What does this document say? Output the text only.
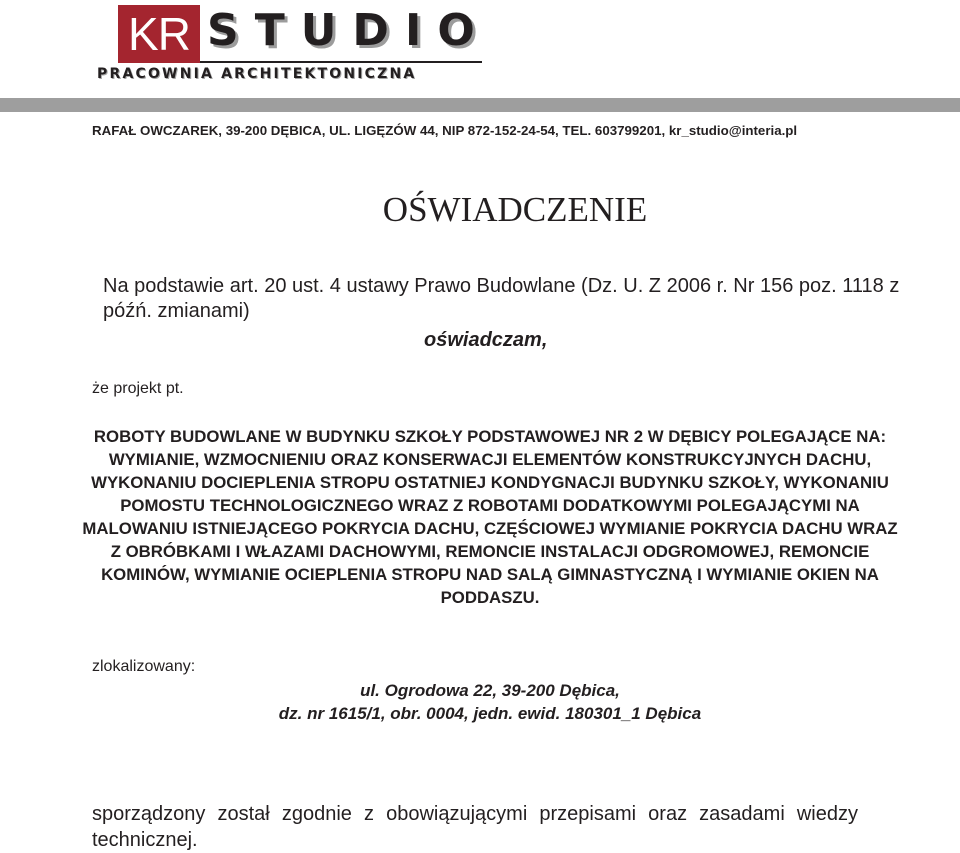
KR STUDIO
PRACOWNIA ARCHITEKTONICZNA
RAFAŁ OWCZAREK, 39-200 DĘBICA, UL. LIGĘZÓW 44, NIP 872-152-24-54, TEL. 603799201, kr_studio@interia.pl
OŚWIADCZENIE
Na podstawie art. 20 ust. 4 ustawy Prawo Budowlane (Dz. U. Z 2006 r. Nr 156 poz. 1118 z późń. zmianami)
oświadczam,
że projekt pt.
ROBOTY BUDOWLANE W BUDYNKU SZKOŁY PODSTAWOWEJ NR 2 W DĘBICY POLEGAJĄCE NA: WYMIANIE, WZMOCNIENIU ORAZ KONSERWACJI ELEMENTÓW KONSTRUKCYJNYCH DACHU, WYKONANIU DOCIEPLENIA STROPU OSTATNIEJ KONDYGNACJI BUDYNKU SZKOŁY, WYKONANIU POMOSTU TECHNOLOGICZNEGO WRAZ Z ROBOTAMI DODATKOWYMI POLEGAJĄCYMI NA MALOWANIU ISTNIEJĄCEGO POKRYCIA DACHU, CZĘŚCIOWEJ WYMIANIE POKRYCIA DACHU WRAZ Z OBRÓBKAMI I WŁAZAMI DACHOWYMI, REMONCIE INSTALACJI ODGROMOWEJ, REMONCIE KOMINÓW, WYMIANIE OCIEPLENIA STROPU NAD SALĄ GIMNASTYCZNĄ I WYMIANIE OKIEN NA PODDASZU.
zlokalizowany:
ul. Ogrodowa 22, 39-200 Dębica,
dz. nr 1615/1, obr. 0004, jedn. ewid. 180301_1 Dębica
sporządzony został zgodnie z obowiązującymi przepisami oraz zasadami wiedzy technicznej.
